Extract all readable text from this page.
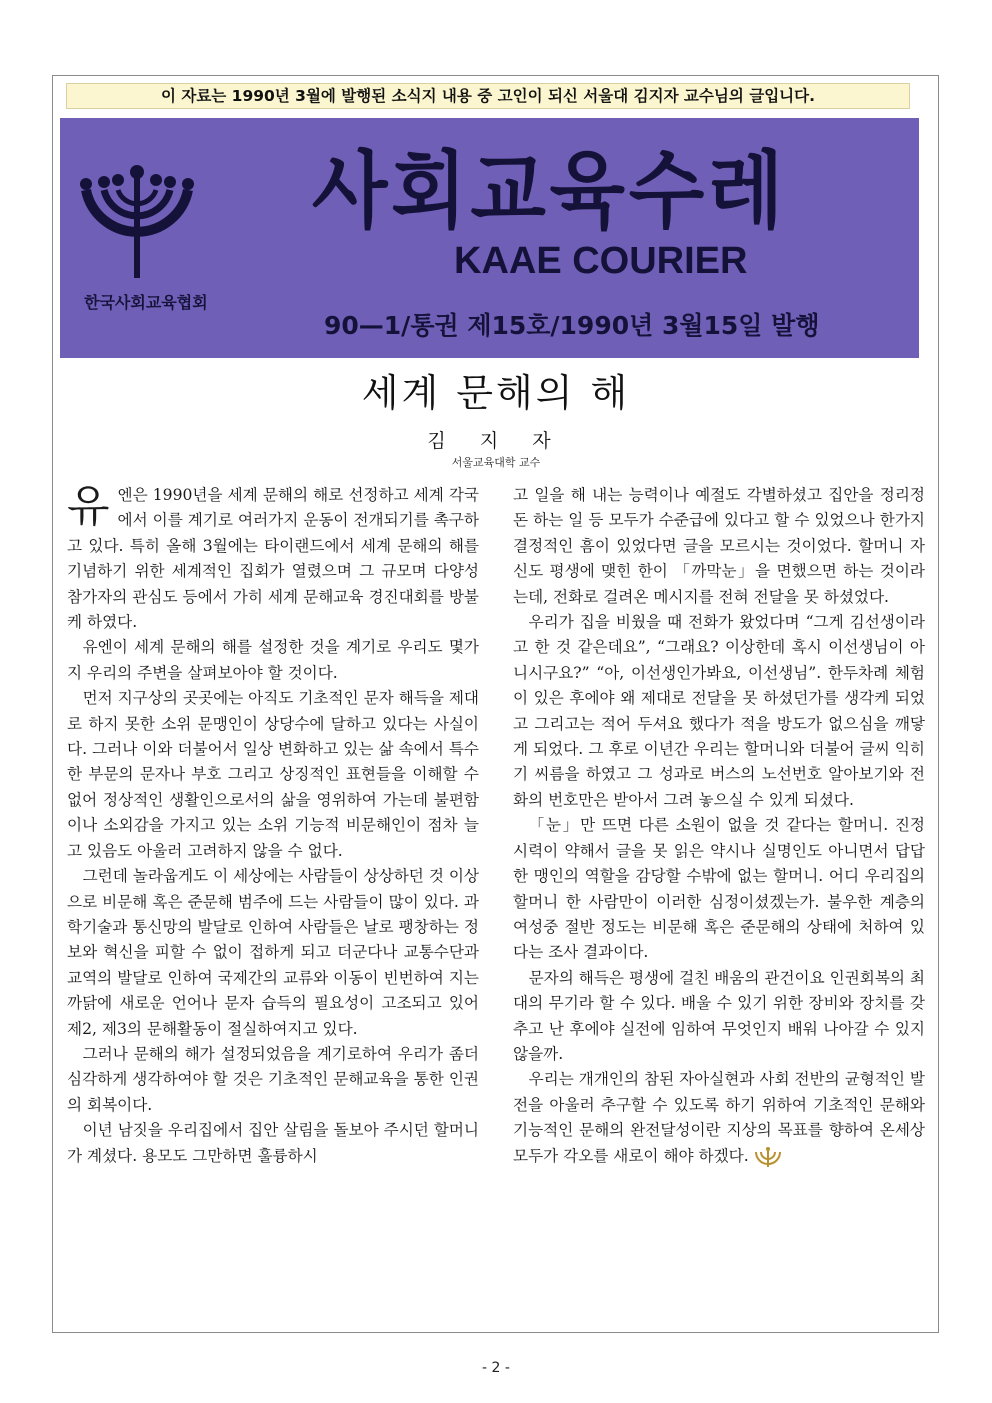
이 자료는 1990년 3월에 발행된 소식지 내용 중 고인이 되신 서울대 김지자 교수님의 글입니다.
한국사회교육협회
사회교육수레
KAAE COURIER
90—1/통권 제15호/1990년 3월15일 발행
세계 문해의 해
김 지 자
서울교육대학 교수

유엔은 1990년을 세계 문해의 해로 선정하고 세계 각국에서 이를 계기로 여러가지 운동이 전개되기를 촉구하고 있다. 특히 올해 3월에는 타이랜드에서 세계 문해의 해를 기념하기 위한 세계적인 집회가 열렸으며 그 규모며 다양성 참가자의 관심도 등에서 가히 세계 문해교육 경진대회를 방불케 하였다.

유엔이 세계 문해의 해를 설정한 것을 계기로 우리도 몇가지 우리의 주변을 살펴보아야 할 것이다.

먼저 지구상의 곳곳에는 아직도 기초적인 문자 해득을 제대로 하지 못한 소위 문맹인이 상당수에 달하고 있다는 사실이다. 그러나 이와 더불어서 일상 변화하고 있는 삶 속에서 특수한 부문의 문자나 부호 그리고 상징적인 표현들을 이해할 수 없어 정상적인 생활인으로서의 삶을 영위하여 가는데 불편함이나 소외감을 가지고 있는 소위 기능적 비문해인이 점차 늘고 있음도 아울러 고려하지 않을 수 없다.

그런데 놀라웁게도 이 세상에는 사람들이 상상하던 것 이상으로 비문해 혹은 준문해 범주에 드는 사람들이 많이 있다. 과학기술과 통신망의 발달로 인하여 사람들은 날로 팽창하는 정보와 혁신을 피할 수 없이 접하게 되고 더군다나 교통수단과 교역의 발달로 인하여 국제간의 교류와 이동이 빈번하여 지는 까닭에 새로운 언어나 문자 습득의 필요성이 고조되고 있어 제2, 제3의 문해활동이 절실하여지고 있다.

그러나 문해의 해가 설정되었음을 계기로하여 우리가 좀더 심각하게 생각하여야 할 것은 기초적인 문해교육을 통한 인권의 회복이다.

이년 남짓을 우리집에서 집안 살림을 돌보아 주시던 할머니가 계셨다. 용모도 그만하면 훌륭하시

고 일을 해 내는 능력이나 예절도 각별하셨고 집안을 정리정돈 하는 일 등 모두가 수준급에 있다고 할 수 있었으나 한가지 결정적인 흠이 있었다면 글을 모르시는 것이었다. 할머니 자신도 평생에 맺힌 한이 「까막눈」을 면했으면 하는 것이라는데, 전화로 걸려온 메시지를 전혀 전달을 못 하셨었다.

우리가 집을 비웠을 때 전화가 왔었다며 “그게 김선생이라고 한 것 같은데요”, “그래요? 이상한데 혹시 이선생님이 아니시구요?” “아, 이선생인가봐요, 이선생님”. 한두차례 체험이 있은 후에야 왜 제대로 전달을 못 하셨던가를 생각케 되었고 그리고는 적어 두셔요 했다가 적을 방도가 없으심을 깨닿게 되었다. 그 후로 이년간 우리는 할머니와 더불어 글씨 익히기 씨름을 하였고 그 성과로 버스의 노선번호 알아보기와 전화의 번호만은 받아서 그려 놓으실 수 있게 되셨다.

「눈」만 뜨면 다른 소원이 없을 것 같다는 할머니. 진정 시력이 약해서 글을 못 읽은 약시나 실명인도 아니면서 답답한 맹인의 역할을 감당할 수밖에 없는 할머니. 어디 우리집의 할머니 한 사람만이 이러한 심정이셨겠는가. 불우한 계층의 여성중 절반 정도는 비문해 혹은 준문해의 상태에 처하여 있다는 조사 결과이다.

문자의 해득은 평생에 걸친 배움의 관건이요 인권회복의 최대의 무기라 할 수 있다. 배울 수 있기 위한 장비와 장치를 갖추고 난 후에야 실전에 임하여 무엇인지 배워 나아갈 수 있지 않을까.

우리는 개개인의 참된 자아실현과 사회 전반의 균형적인 발전을 아울러 추구할 수 있도록 하기 위하여 기초적인 문해와 기능적인 문해의 완전달성이란 지상의 목표를 향하여 온세상 모두가 각오를 새로이 해야 하겠다.

- 2 -
